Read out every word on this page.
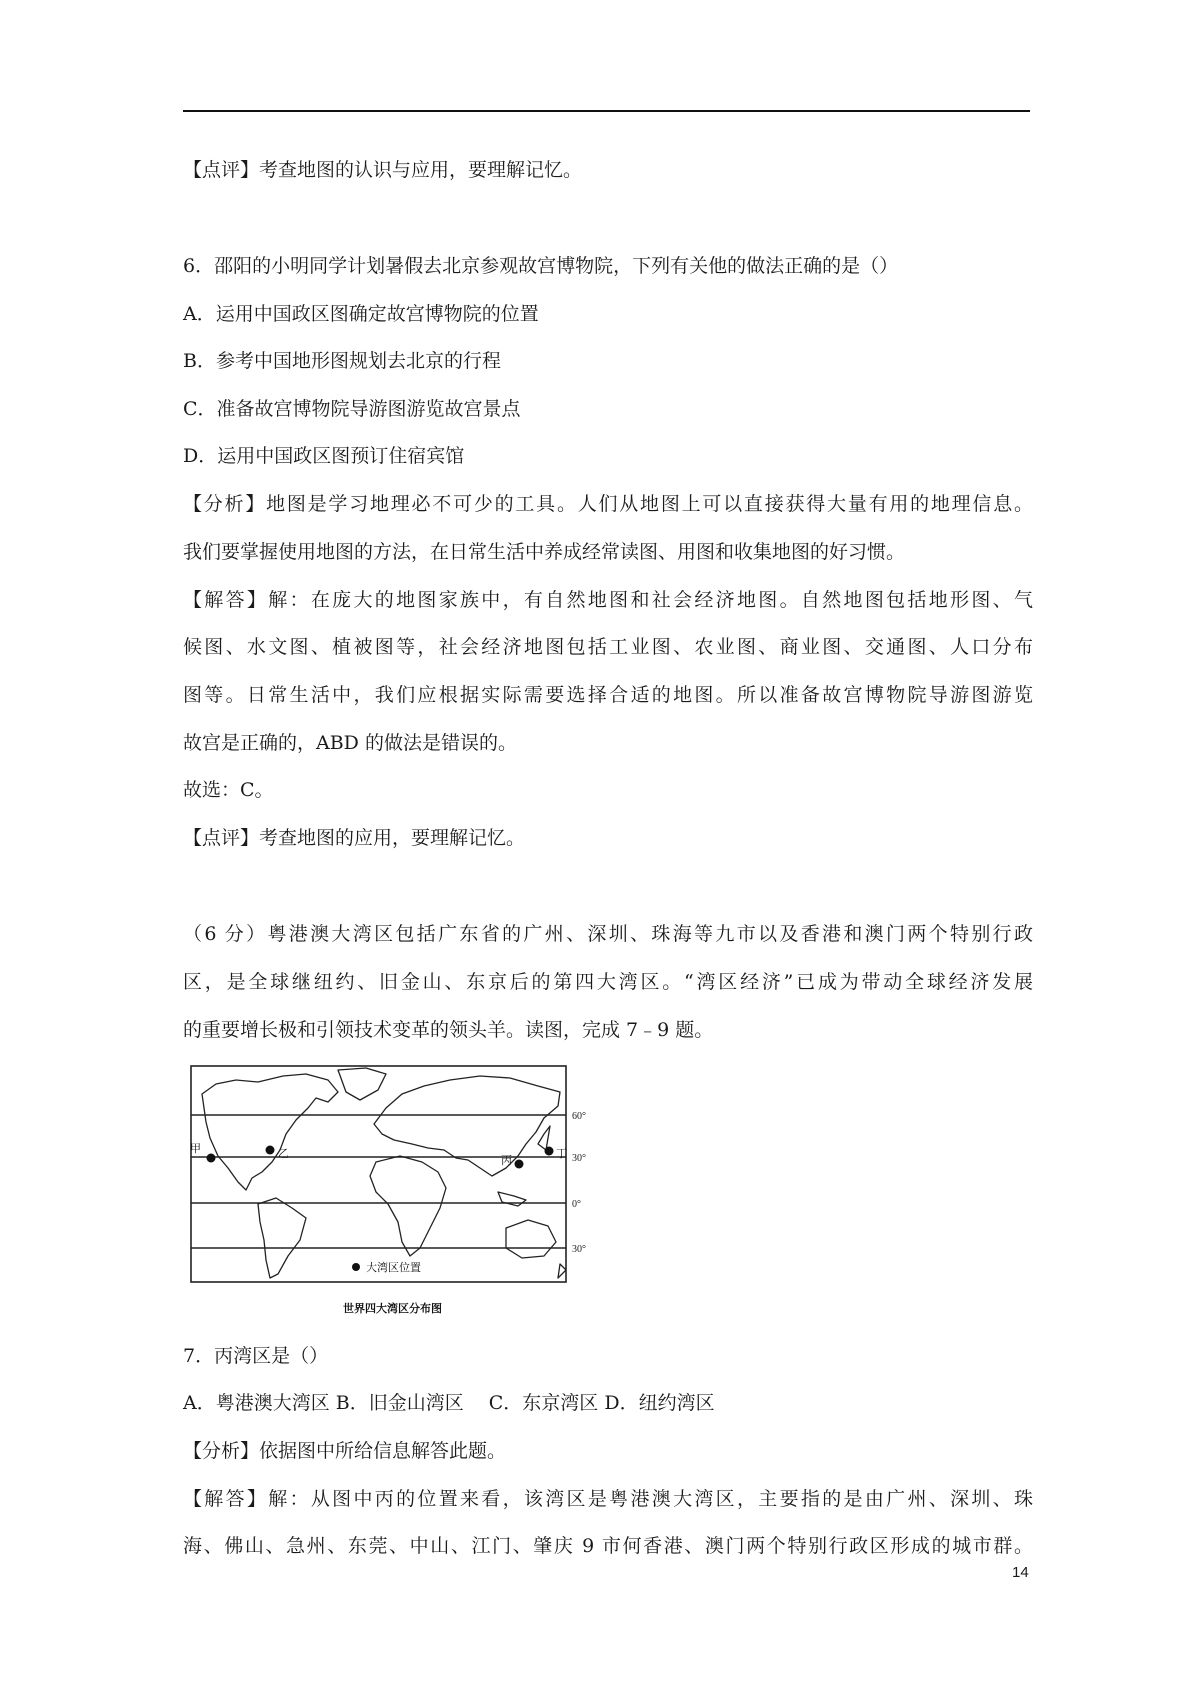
【点评】考查地图的认识与应用，要理解记忆。
6．邵阳的小明同学计划暑假去北京参观故宫博物院，下列有关他的做法正确的是（）
A．运用中国政区图确定故宫博物院的位置
B．参考中国地形图规划去北京的行程
C．准备故宫博物院导游图游览故宫景点
D．运用中国政区图预订住宿宾馆
【分析】地图是学习地理必不可少的工具。人们从地图上可以直接获得大量有用的地理信息。
我们要掌握使用地图的方法，在日常生活中养成经常读图、用图和收集地图的好习惯。
【解答】解：在庞大的地图家族中，有自然地图和社会经济地图。自然地图包括地形图、气
候图、水文图、植被图等，社会经济地图包括工业图、农业图、商业图、交通图、人口分布
图等。日常生活中，我们应根据实际需要选择合适的地图。所以准备故宫博物院导游图游览
故宫是正确的，ABD 的做法是错误的。
故选：C。
【点评】考查地图的应用，要理解记忆。
（6 分）粤港澳大湾区包括广东省的广州、深圳、珠海等九市以及香港和澳门两个特别行政
区，是全球继纽约、旧金山、东京后的第四大湾区。“湾区经济”已成为带动全球经济发展
的重要增长极和引领技术变革的领头羊。读图，完成 7﹣9 题。
7．丙湾区是（）
A．粤港澳大湾区 B．旧金山湾区 　C．东京湾区 D．纽约湾区
【分析】依据图中所给信息解答此题。
【解答】解：从图中丙的位置来看，该湾区是粤港澳大湾区，主要指的是由广州、深圳、珠
海、佛山、急州、东莞、中山、江门、肇庆 9 市何香港、澳门两个特别行政区形成的城市群。
60°
30°
0°
30°
甲	乙
丙
丁
大湾区位置
世界四大湾区分布图
14
